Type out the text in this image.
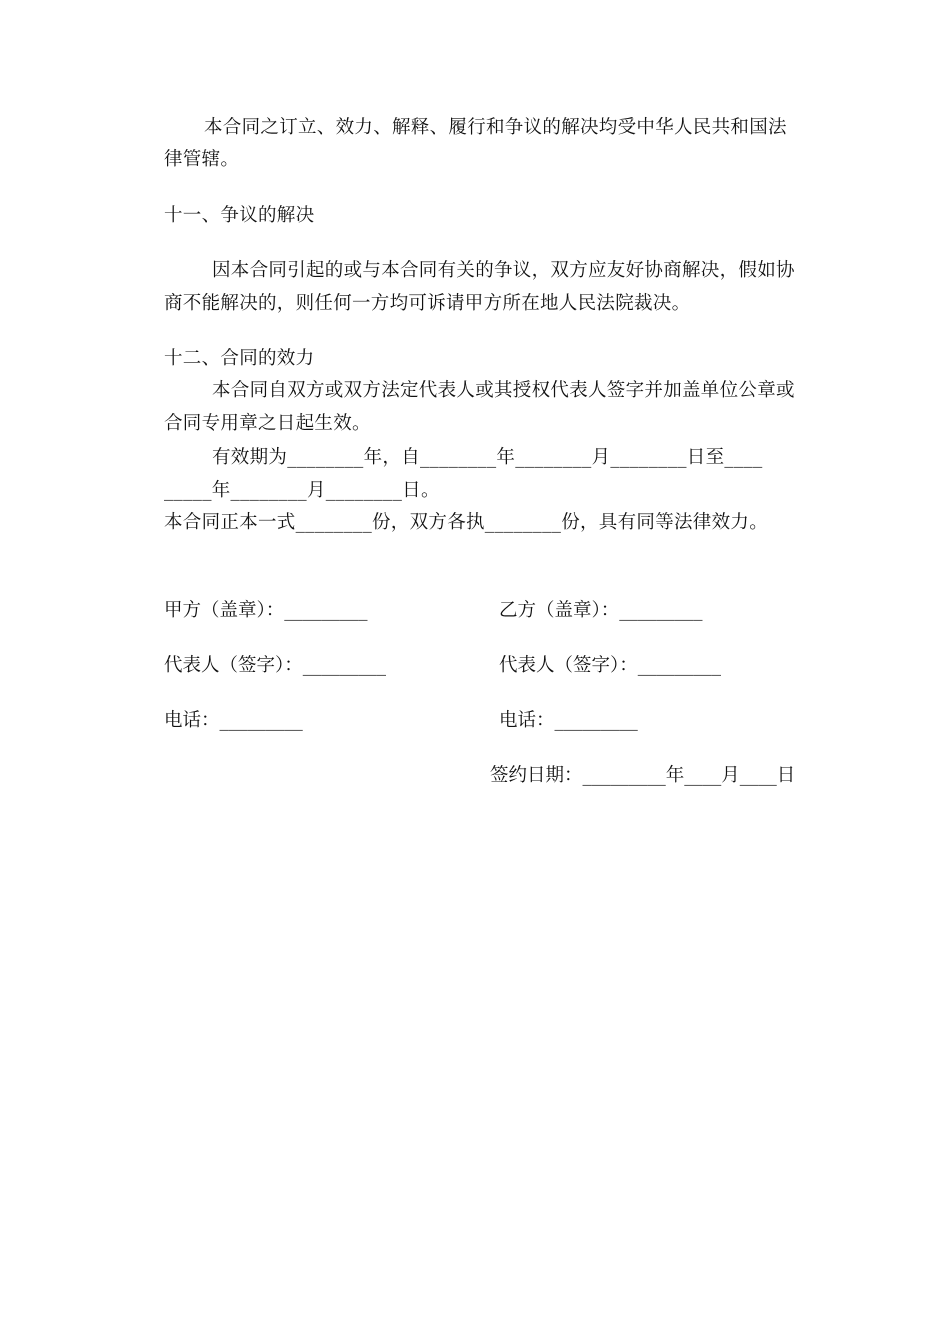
本合同之订立、效力、解释、履行和争议的解决均受中华人民共和国法
律管辖。
十一、争议的解决
因本合同引起的或与本合同有关的争议，双方应友好协商解决，假如协
商不能解决的，则任何一方均可诉请甲方所在地人民法院裁决。
十二、合同的效力
本合同自双方或双方法定代表人或其授权代表人签字并加盖单位公章或
合同专用章之日起生效。
有效期为________年，自________年________月________日至____
_____年________月________日。
本合同正本一式________份，双方各执________份，具有同等法律效力。
甲方（盖章）：_________	乙方（盖章）：_________
代表人（签字）：_________	代表人（签字）：_________
电话：_________	电话：_________
签约日期：_________年____月____日
